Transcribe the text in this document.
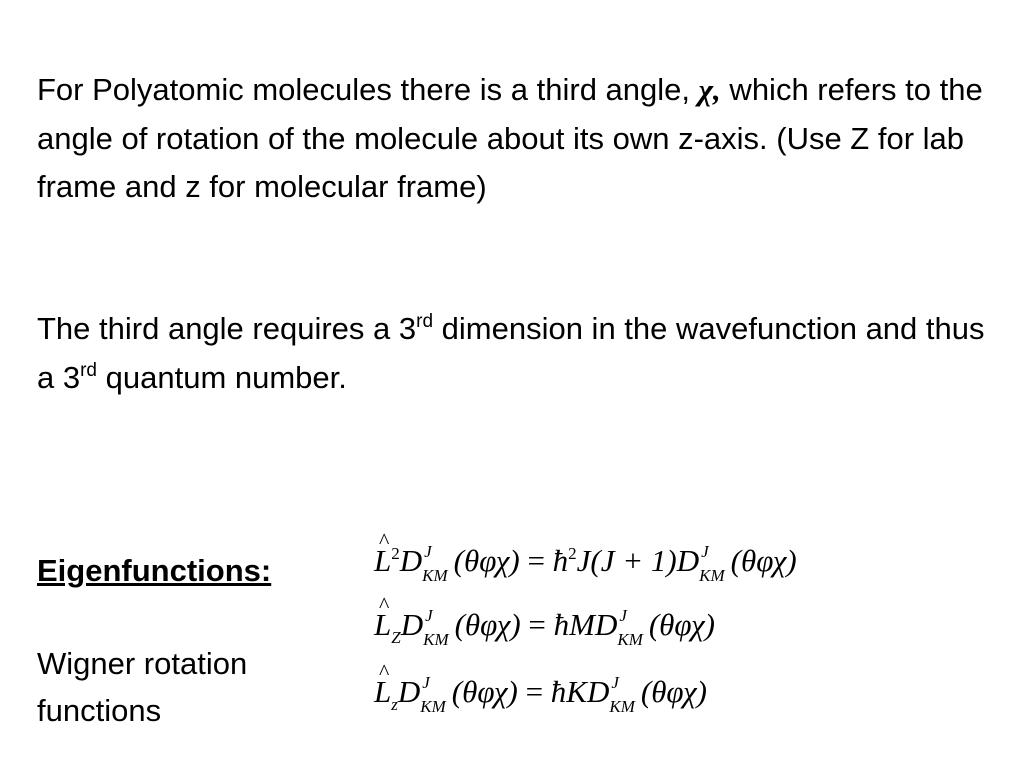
For Polyatomic molecules there is a third angle, χ, which refers to the angle of rotation of the molecule about its own z-axis. (Use Z for lab frame and z for molecular frame)

The third angle requires a 3rd dimension in the wavefunction and thus a 3rd quantum number.

Eigenfunctions:
Wigner rotation functions
^ $L^2D$ J
KM $(\theta\varphi\chi) = ħ^2J(J + 1)D$ J
KM (θφχ)
^ $L_ZD$ J
KM (θφχ) = ħMD J
KM (θφχ)
^ $L_zD$ J
KM (θφχ) = ħKD J
KM (θφχ)
